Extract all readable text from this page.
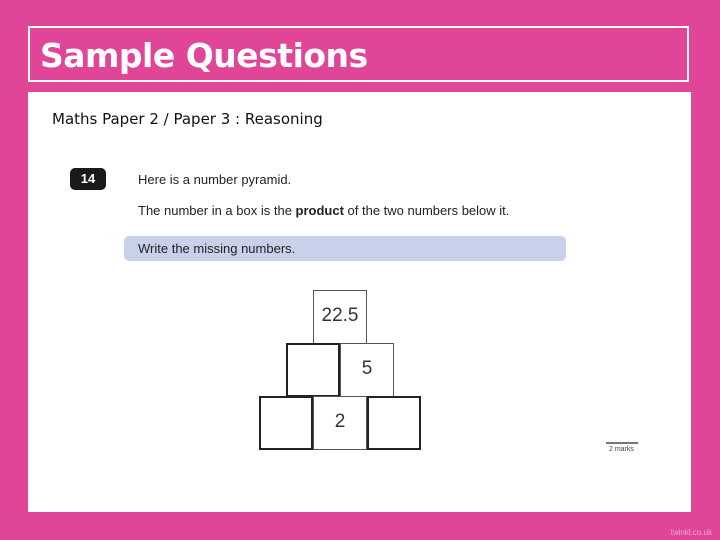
Sample Questions
Maths Paper 2 / Paper 3 : Reasoning
14	Here is a number pyramid.
The number in a box is the product of the two numbers below it.
Write the missing numbers.
22.5
5
2
2 marks
twinkl.co.uk
